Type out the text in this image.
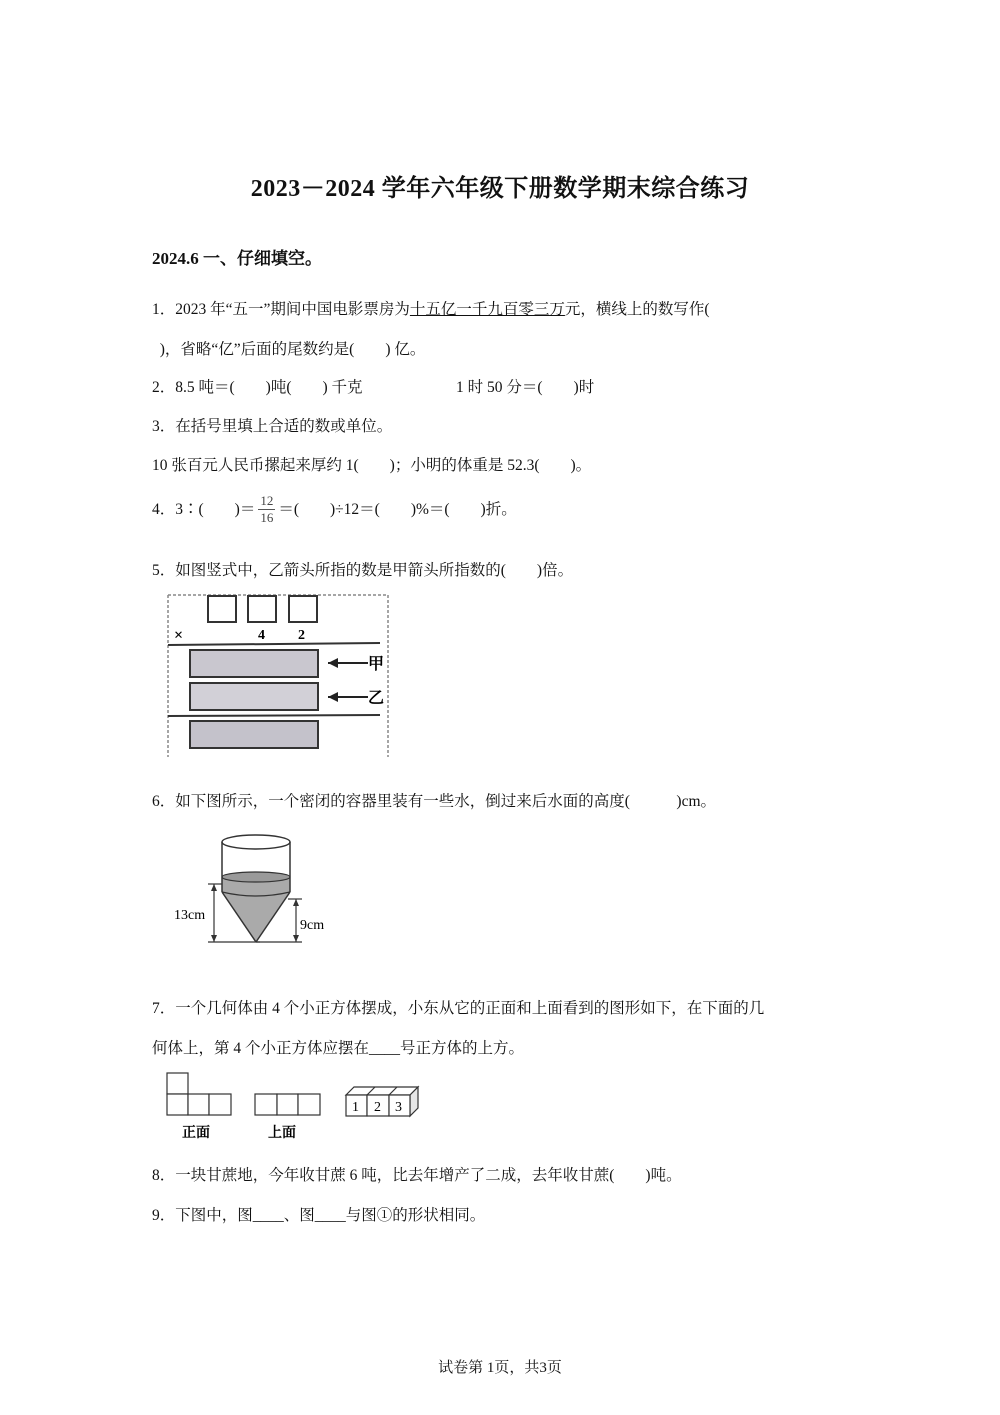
2023－2024 学年六年级下册数学期末综合练习
2024.6 一、仔细填空。
1．2023 年“五一”期间中国电影票房为十五亿一千九百零三万元，横线上的数写作(
)，省略“亿”后面的尾数约是(　　) 亿。
2．8.5 吨＝(　　)吨(　　) 千克	1 时 50 分＝(　　)时
3．在括号里填上合适的数或单位。
10 张百元人民币摞起来厚约 1(　　)；小明的体重是 52.3(　　)。
4．3∶(　　)＝ $\frac{12}{16}$ ＝(　　)÷12＝(　　)%＝(　　)折。
5．如图竖式中，乙箭头所指的数是甲箭头所指数的(　　)倍。
×	4 2
甲
乙
6．如下图所示，一个密闭的容器里装有一些水，倒过来后水面的高度(　　　)cm。
13cm
9cm
7．一个几何体由 4 个小正方体摆成，小东从它的正面和上面看到的图形如下，在下面的几
何体上，第 4 个小正方体应摆在____号正方体的上方。
正面	上面
1 2 3
8．一块甘蔗地，今年收甘蔗 6 吨，比去年增产了二成，去年收甘蔗(　　)吨。
9．下图中，图____、图____与图①的形状相同。
试卷第 1页，共3页
